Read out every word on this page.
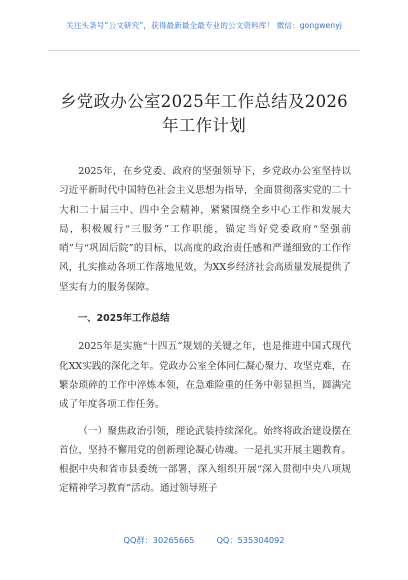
关注头条号“公文研究”，获得最新最全最专业的公文资料库！ 微信：gongwenyj
乡党政办公室2025年工作总结及2026年工作计划

2025年，在乡党委、政府的坚强领导下，乡党政办公室坚持以习近平新时代中国特色社会主义思想为指导，全面贯彻落实党的二十大和二十届三中、四中全会精神，紧紧围绕全乡中心工作和发展大局，积极履行“三服务”工作职能，锚定当好党委政府“坚强前哨”与“巩固后院”的目标，以高度的政治责任感和严谨细致的工作作风，扎实推动各项工作落地见效，为XX乡经济社会高质量发展提供了坚实有力的服务保障。

一、2025年工作总结

2025年是实施“十四五”规划的关键之年，也是推进中国式现代化XX实践的深化之年。党政办公室全体同仁凝心聚力、攻坚克难，在繁杂琐碎的工作中淬炼本领，在急难险重的任务中彰显担当，圆满完成了年度各项工作任务。

（一）聚焦政治引领，理论武装持续深化。始终将政治建设摆在首位，坚持不懈用党的创新理论凝心铸魂。一是扎实开展主题教育。根据中央和省市县委统一部署，深入组织开展“深入贯彻中央八项规定精神学习教育”活动。通过领导班子

QQ群：30265665	QQ：535304092
